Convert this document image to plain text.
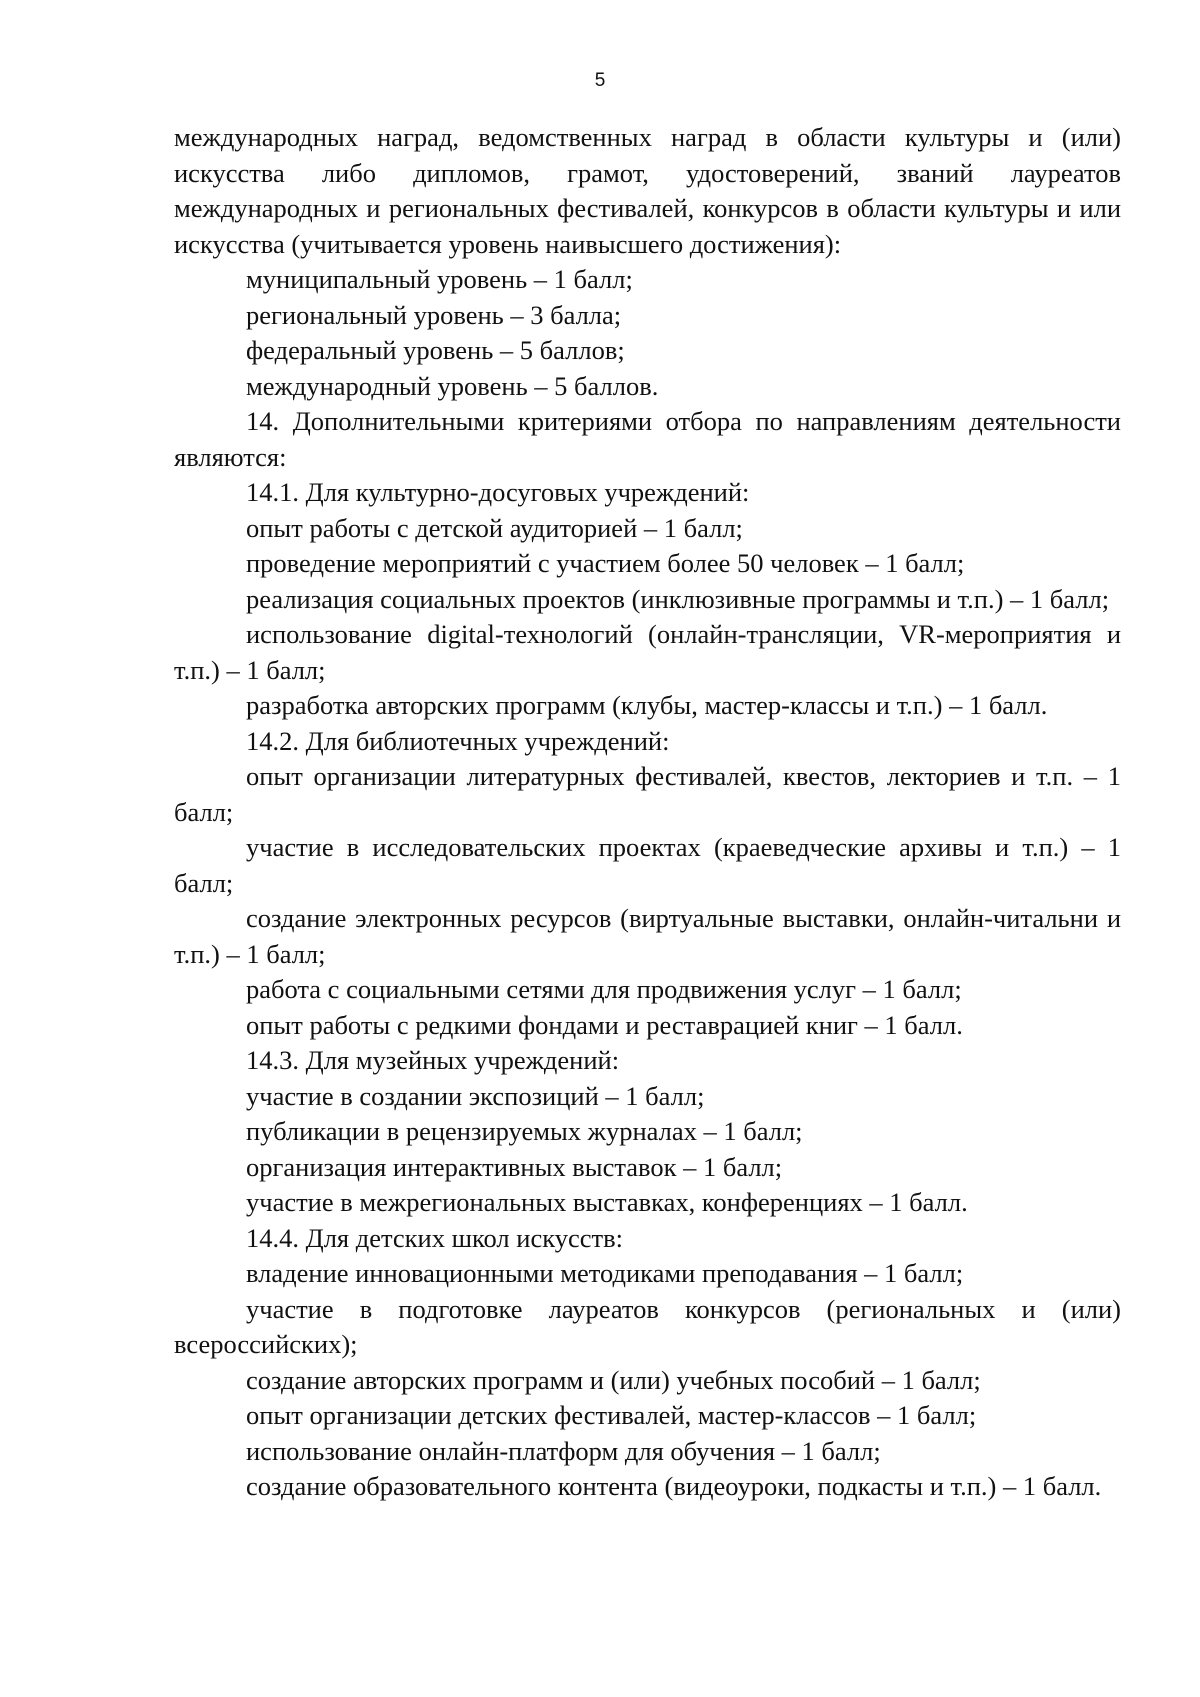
5

международных наград, ведомственных наград в области культуры и (или) искусства либо дипломов, грамот, удостоверений, званий лауреатов международных и региональных фестивалей, конкурсов в области культуры и или искусства (учитывается уровень наивысшего достижения):

муниципальный уровень – 1 балл;

региональный уровень – 3 балла;

федеральный уровень – 5 баллов;

международный уровень – 5 баллов.

14. Дополнительными критериями отбора по направлениям деятельности являются:

14.1. Для культурно-досуговых учреждений:

опыт работы с детской аудиторией – 1 балл;

проведение мероприятий с участием более 50 человек – 1 балл;

реализация социальных проектов (инклюзивные программы и т.п.) – 1 балл;

использование digital-технологий (онлайн-трансляции, VR-мероприятия и т.п.) – 1 балл;

разработка авторских программ (клубы, мастер-классы и т.п.) – 1 балл.

14.2. Для библиотечных учреждений:

опыт организации литературных фестивалей, квестов, лекториев и т.п. – 1 балл;

участие в исследовательских проектах (краеведческие архивы и т.п.) – 1 балл;

создание электронных ресурсов (виртуальные выставки, онлайн-читальни и т.п.) – 1 балл;

работа с социальными сетями для продвижения услуг – 1 балл;

опыт работы с редкими фондами и реставрацией книг – 1 балл.

14.3. Для музейных учреждений:

участие в создании экспозиций – 1 балл;

публикации в рецензируемых журналах – 1 балл;

организация интерактивных выставок – 1 балл;

участие в межрегиональных выставках, конференциях – 1 балл.

14.4. Для детских школ искусств:

владение инновационными методиками преподавания – 1 балл;

участие в подготовке лауреатов конкурсов (региональных и (или) всероссийских);

создание авторских программ и (или) учебных пособий – 1 балл;

опыт организации детских фестивалей, мастер-классов – 1 балл;

использование онлайн-платформ для обучения – 1 балл;

создание образовательного контента (видеоуроки, подкасты и т.п.) – 1 балл.
